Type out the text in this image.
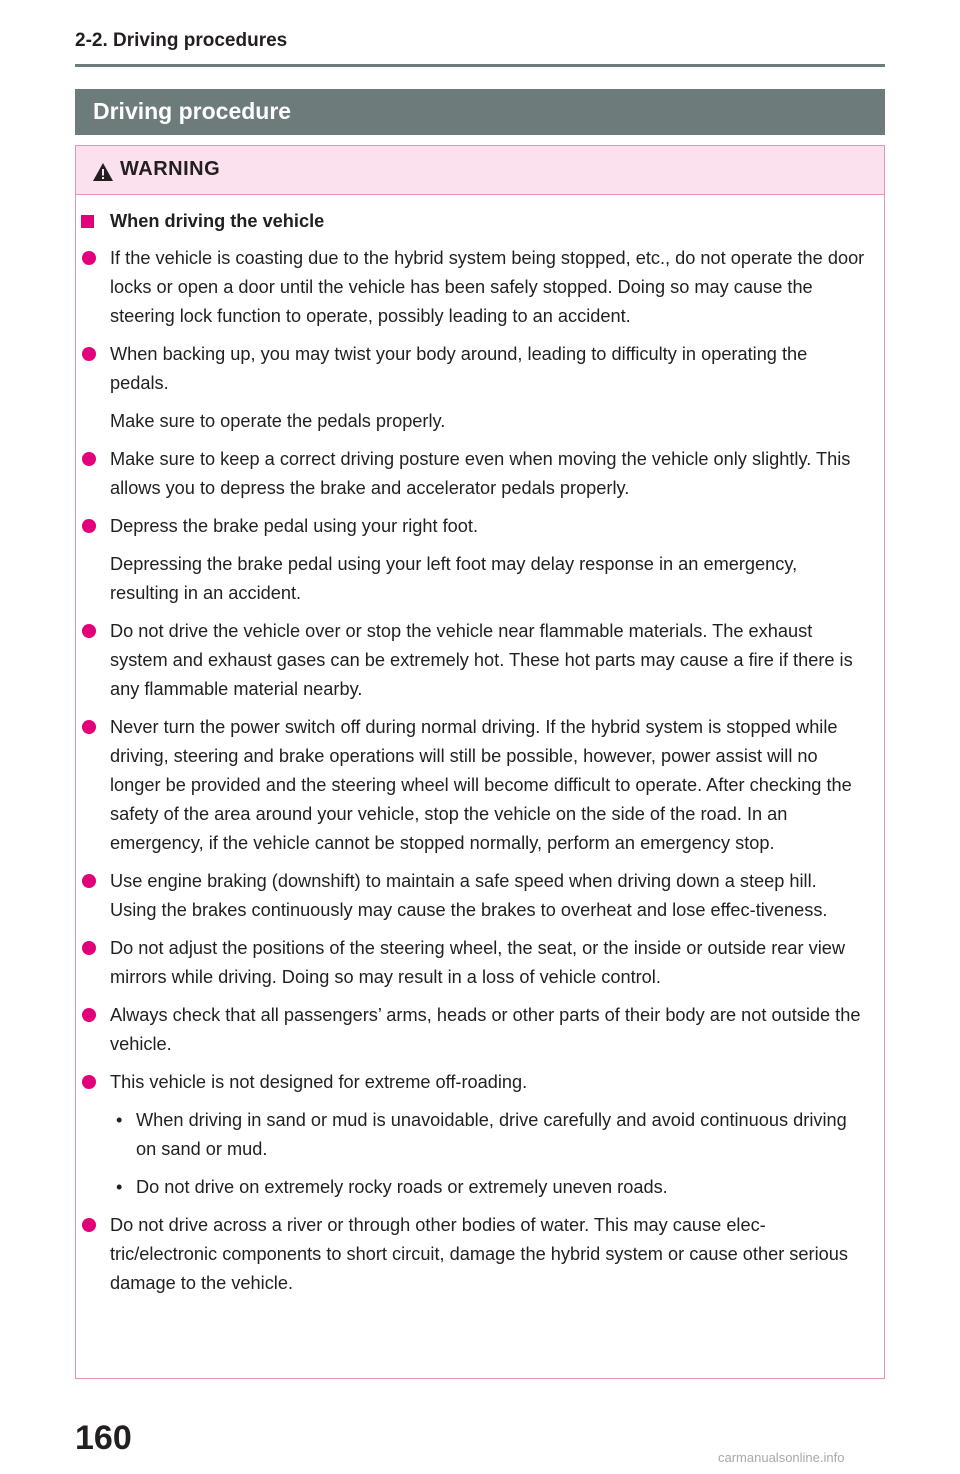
2-2. Driving procedures
Driving procedure
WARNING
When driving the vehicle
If the vehicle is coasting due to the hybrid system being stopped, etc., do not operate the door locks or open a door until the vehicle has been safely stopped. Doing so may cause the steering lock function to operate, possibly leading to an accident.
When backing up, you may twist your body around, leading to difficulty in operating the pedals.
Make sure to operate the pedals properly.
Make sure to keep a correct driving posture even when moving the vehicle only slightly. This allows you to depress the brake and accelerator pedals properly.
Depress the brake pedal using your right foot.
Depressing the brake pedal using your left foot may delay response in an emergency, resulting in an accident.
Do not drive the vehicle over or stop the vehicle near flammable materials. The exhaust system and exhaust gases can be extremely hot. These hot parts may cause a fire if there is any flammable material nearby.
Never turn the power switch off during normal driving. If the hybrid system is stopped while driving, steering and brake operations will still be possible, however, power assist will no longer be provided and the steering wheel will become difficult to operate. After checking the safety of the area around your vehicle, stop the vehicle on the side of the road. In an emergency, if the vehicle cannot be stopped normally, perform an emergency stop.
Use engine braking (downshift) to maintain a safe speed when driving down a steep hill. Using the brakes continuously may cause the brakes to overheat and lose effec-tiveness.
Do not adjust the positions of the steering wheel, the seat, or the inside or outside rear view mirrors while driving. Doing so may result in a loss of vehicle control.
Always check that all passengers’ arms, heads or other parts of their body are not outside the vehicle.
This vehicle is not designed for extreme off-roading.
• When driving in sand or mud is unavoidable, drive carefully and avoid continuous driving on sand or mud.
• Do not drive on extremely rocky roads or extremely uneven roads.
Do not drive across a river or through other bodies of water. This may cause elec-tric/electronic components to short circuit, damage the hybrid system or cause other serious damage to the vehicle.
160
carmanualsonline.info
